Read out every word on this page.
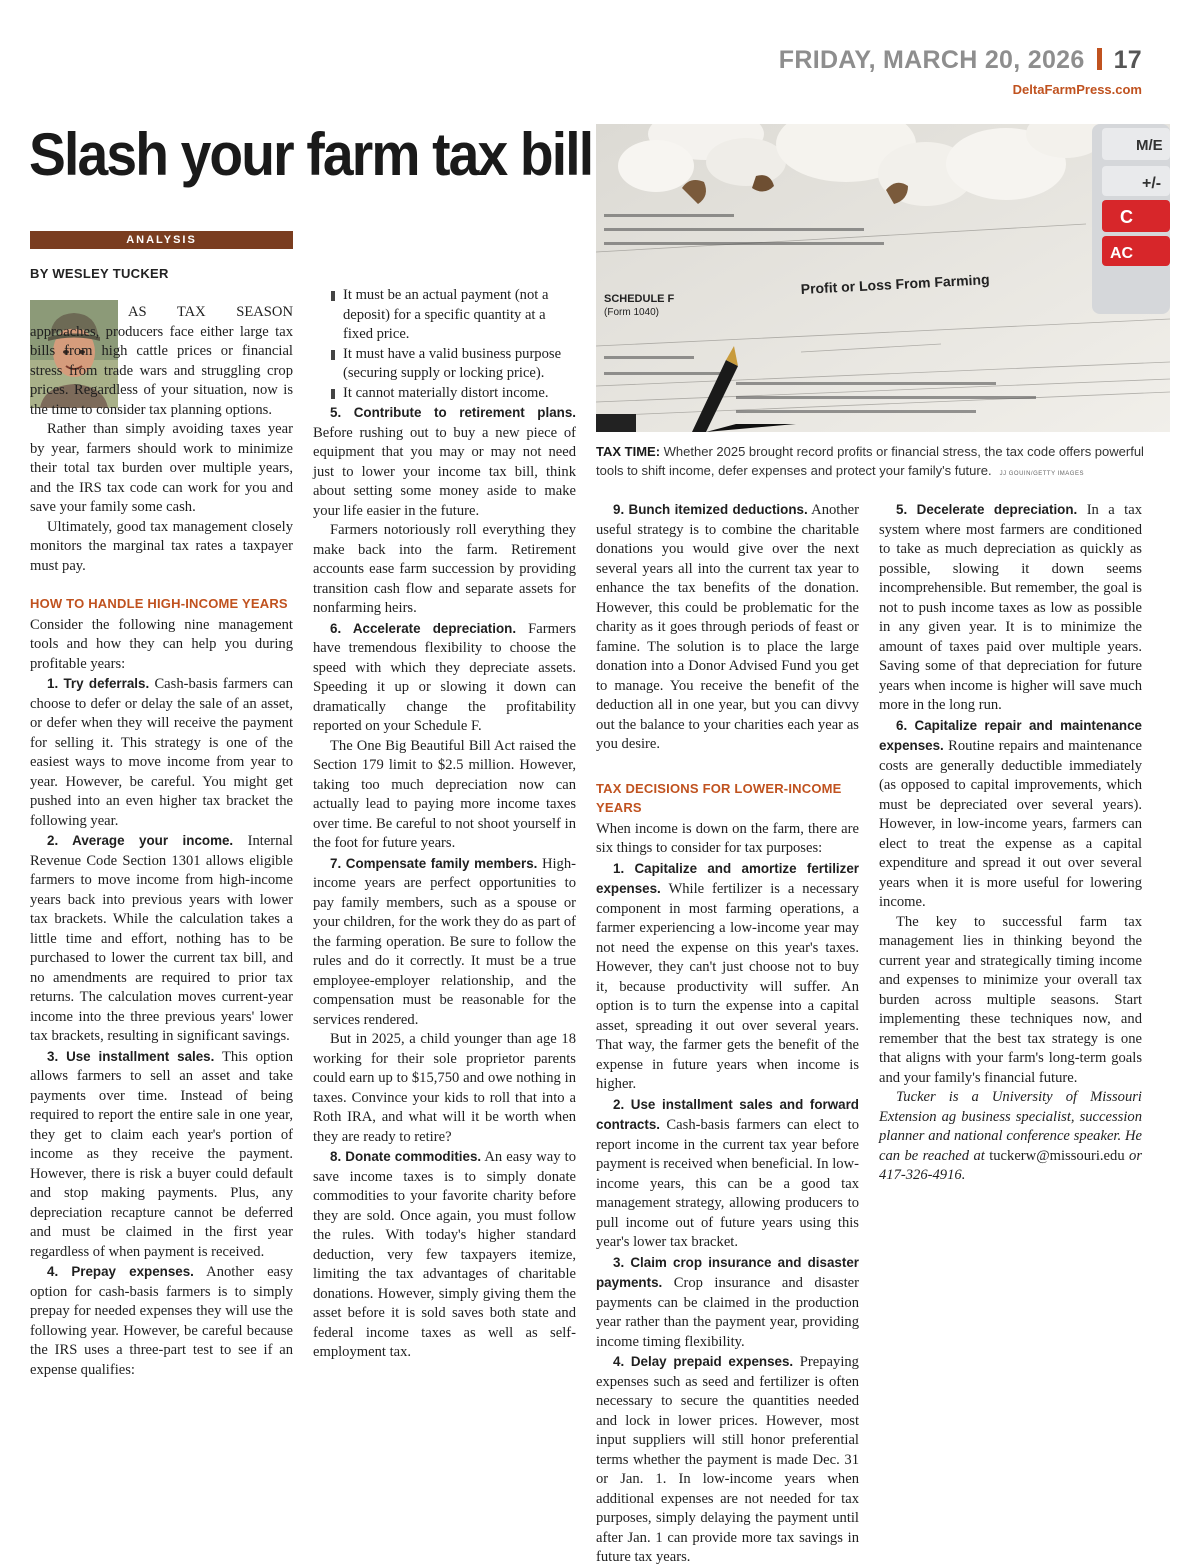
FRIDAY, MARCH 20, 2026 17
DeltaFarmPress.com
Slash your farm tax bill
ANALYSIS
BY WESLEY TUCKER

AS TAX SEASON approaches, producers face either large tax bills from high cattle prices or financial stress from trade wars and struggling crop prices. Regardless of your situation, now is the time to consider tax planning options.

Rather than simply avoiding taxes year by year, farmers should work to minimize their total tax burden over multiple years, and the IRS tax code can work for you and save your family some cash.

Ultimately, good tax management closely monitors the marginal tax rates a taxpayer must pay.

HOW TO HANDLE HIGH-INCOME YEARS

Consider the following nine management tools and how they can help you during profitable years:

1. Try deferrals. Cash-basis farmers can choose to defer or delay the sale of an asset, or defer when they will receive the payment for selling it. This strategy is one of the easiest ways to move income from year to year. However, be careful. You might get pushed into an even higher tax bracket the following year.

2. Average your income. Internal Revenue Code Section 1301 allows eligible farmers to move income from high-income years back into previous years with lower tax brackets. While the calculation takes a little time and effort, nothing has to be purchased to lower the current tax bill, and no amendments are required to prior tax returns. The calculation moves current-year income into the three previous years' lower tax brackets, resulting in significant savings.

3. Use installment sales. This option allows farmers to sell an asset and take payments over time. Instead of being required to report the entire sale in one year, they get to claim each year's portion of income as they receive the payment. However, there is risk a buyer could default and stop making payments. Plus, any depreciation recapture cannot be deferred and must be claimed in the first year regardless of when payment is received.

4. Prepay expenses. Another easy option for cash-basis farmers is to simply prepay for needed expenses they will use the following year. However, be careful because the IRS uses a three-part test to see if an expense qualifies:

It must be an actual payment (not a deposit) for a specific quantity at a fixed price.
It must have a valid business purpose (securing supply or locking price).
It cannot materially distort income.

5. Contribute to retirement plans. Before rushing out to buy a new piece of equipment that you may or may not need just to lower your income tax bill, think about setting some money aside to make your life easier in the future.

Farmers notoriously roll everything they make back into the farm. Retirement accounts ease farm succession by providing transition cash flow and separate assets for nonfarming heirs.

6. Accelerate depreciation. Farmers have tremendous flexibility to choose the speed with which they depreciate assets. Speeding it up or slowing it down can dramatically change the profitability reported on your Schedule F.

The One Big Beautiful Bill Act raised the Section 179 limit to $2.5 million. However, taking too much depreciation now can actually lead to paying more income taxes over time. Be careful to not shoot yourself in the foot for future years.

7. Compensate family members. High-income years are perfect opportunities to pay family members, such as a spouse or your children, for the work they do as part of the farming operation. Be sure to follow the rules and do it correctly. It must be a true employee-employer relationship, and the compensation must be reasonable for the services rendered.

But in 2025, a child younger than age 18 working for their sole proprietor parents could earn up to $15,750 and owe nothing in taxes. Convince your kids to roll that into a Roth IRA, and what will it be worth when they are ready to retire?

8. Donate commodities. An easy way to save income taxes is to simply donate commodities to your favorite charity before they are sold. Once again, you must follow the rules. With today's higher standard deduction, very few taxpayers itemize, limiting the tax advantages of charitable donations. However, simply giving them the asset before it is sold saves both state and federal income taxes as well as self-employment tax.

SCHEDULE F
(Form 1040)
Profit or Loss From Farming
M/E
+/-
C
AC
TAX TIME: Whether 2025 brought record profits or financial stress, the tax code offers powerful tools to shift income, defer expenses and protect your family's future. JJ GOUIN/GETTY IMAGES

9. Bunch itemized deductions. Another useful strategy is to combine the charitable donations you would give over the next several years all into the current tax year to enhance the tax benefits of the donation. However, this could be problematic for the charity as it goes through periods of feast or famine. The solution is to place the large donation into a Donor Advised Fund you get to manage. You receive the benefit of the deduction all in one year, but you can divvy out the balance to your charities each year as you desire.

TAX DECISIONS FOR LOWER-INCOME YEARS

When income is down on the farm, there are six things to consider for tax purposes:

1. Capitalize and amortize fertilizer expenses. While fertilizer is a necessary component in most farming operations, a farmer experiencing a low-income year may not need the expense on this year's taxes. However, they can't just choose not to buy it, because productivity will suffer. An option is to turn the expense into a capital asset, spreading it out over several years. That way, the farmer gets the benefit of the expense in future years when income is higher.

2. Use installment sales and forward contracts. Cash-basis farmers can elect to report income in the current tax year before payment is received when beneficial. In low-income years, this can be a good tax management strategy, allowing producers to pull income out of future years using this year's lower tax bracket.

3. Claim crop insurance and disaster payments. Crop insurance and disaster payments can be claimed in the production year rather than the payment year, providing income timing flexibility.

4. Delay prepaid expenses. Prepaying expenses such as seed and fertilizer is often necessary to secure the quantities needed and lock in lower prices. However, most input suppliers will still honor preferential terms whether the payment is made Dec. 31 or Jan. 1. In low-income years when additional expenses are not needed for tax purposes, simply delaying the payment until after Jan. 1 can provide more tax savings in future tax years.

5. Decelerate depreciation. In a tax system where most farmers are conditioned to take as much depreciation as quickly as possible, slowing it down seems incomprehensible. But remember, the goal is not to push income taxes as low as possible in any given year. It is to minimize the amount of taxes paid over multiple years. Saving some of that depreciation for future years when income is higher will save much more in the long run.

6. Capitalize repair and maintenance expenses. Routine repairs and maintenance costs are generally deductible immediately (as opposed to capital improvements, which must be depreciated over several years). However, in low-income years, farmers can elect to treat the expense as a capital expenditure and spread it out over several years when it is more useful for lowering income.

The key to successful farm tax management lies in thinking beyond the current year and strategically timing income and expenses to minimize your overall tax burden across multiple seasons. Start implementing these techniques now, and remember that the best tax strategy is one that aligns with your farm's long-term goals and your family's financial future.

Tucker is a University of Missouri Extension ag business specialist, succession planner and national conference speaker. He can be reached at tuckerw@missouri.edu or 417-326-4916.
